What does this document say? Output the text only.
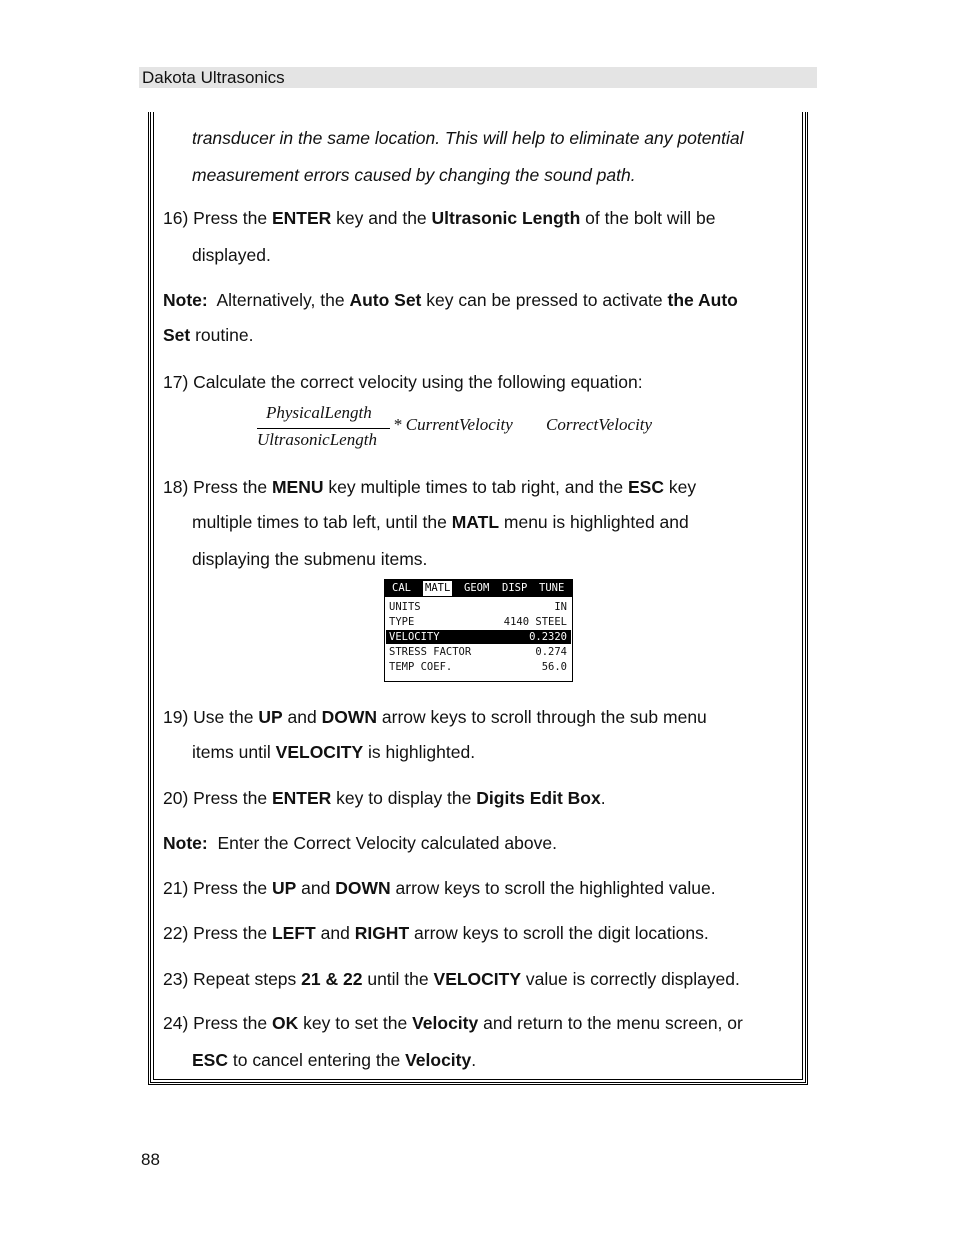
Dakota Ultrasonics
transducer in the same location. This will help to eliminate any potential
measurement errors caused by changing the sound path.
16) Press the ENTER key and the Ultrasonic Length of the bolt will be
displayed.
Note: Alternatively, the Auto Set key can be pressed to activate the Auto
Set routine.
17) Calculate the correct velocity using the following equation:
PhysicalLength
UltrasonicLength
* CurrentVelocity CorrectVelocity
18) Press the MENU key multiple times to tab right, and the ESC key
multiple times to tab left, until the MATL menu is highlighted and
displaying the submenu items.
CAL MATL GEOM DISP TUNE
UNITS	IN
TYPE	4140 STEEL
VELOCITY	0.2320
STRESS FACTOR	0.274
TEMP COEF.	56.0
19) Use the UP and DOWN arrow keys to scroll through the sub menu
items until VELOCITY is highlighted.
20) Press the ENTER key to display the Digits Edit Box.
Note: Enter the Correct Velocity calculated above.
21) Press the UP and DOWN arrow keys to scroll the highlighted value.
22) Press the LEFT and RIGHT arrow keys to scroll the digit locations.
23) Repeat steps 21 & 22 until the VELOCITY value is correctly displayed.
24) Press the OK key to set the Velocity and return to the menu screen, or
ESC to cancel entering the Velocity.
88
